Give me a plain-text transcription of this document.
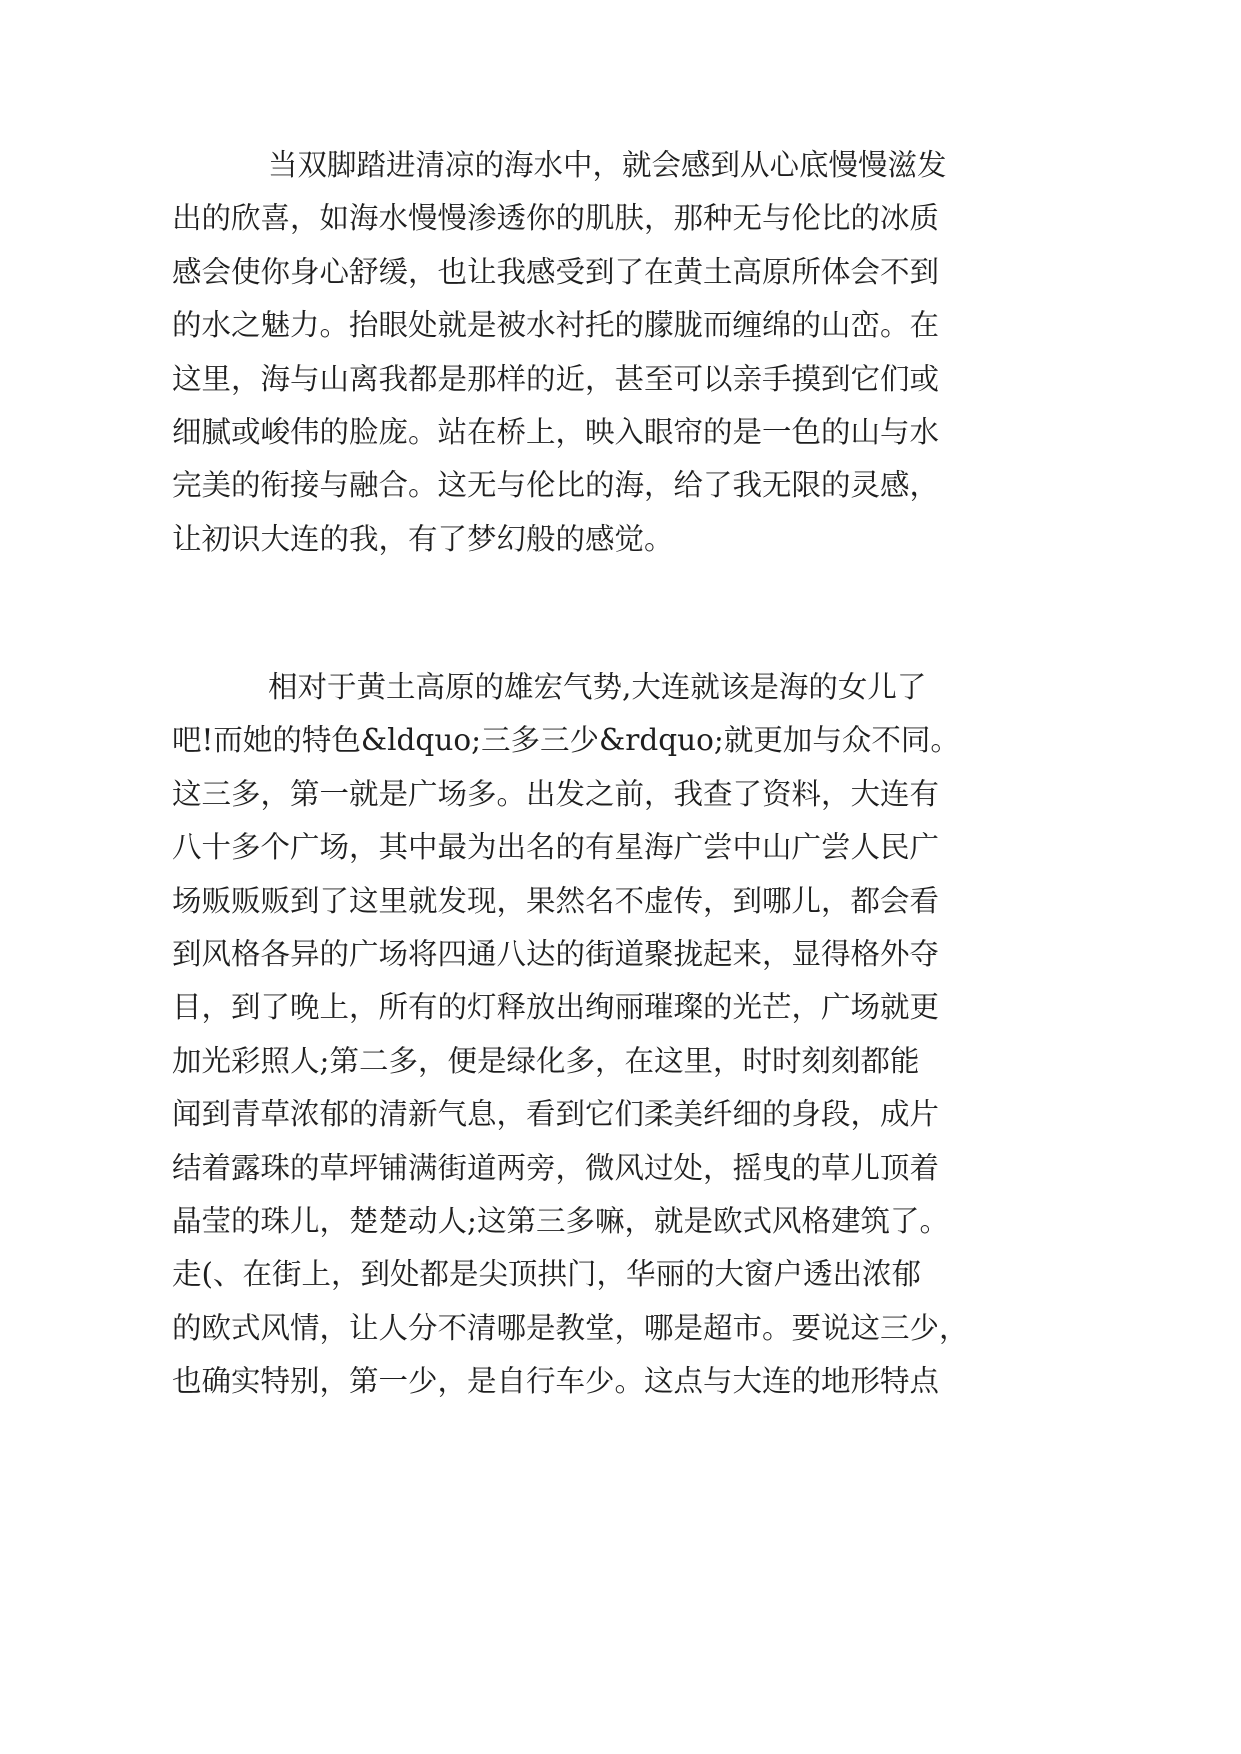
当双脚踏进清凉的海水中，就会感到从心底慢慢滋发
出的欣喜，如海水慢慢渗透你的肌肤，那种无与伦比的冰质
感会使你身心舒缓，也让我感受到了在黄土高原所体会不到
的水之魅力。抬眼处就是被水衬托的朦胧而缠绵的山峦。在
这里，海与山离我都是那样的近，甚至可以亲手摸到它们或
细腻或峻伟的脸庞。站在桥上，映入眼帘的是一色的山与水
完美的衔接与融合。这无与伦比的海，给了我无限的灵感，
让初识大连的我，有了梦幻般的感觉。
相对于黄土高原的雄宏气势,大连就该是海的女儿了
吧!而她的特色&ldquo;三多三少&rdquo;就更加与众不同。
这三多，第一就是广场多。出发之前，我查了资料，大连有
八十多个广场，其中最为出名的有星海广尝中山广尝人民广
场贩贩贩到了这里就发现，果然名不虚传，到哪儿，都会看
到风格各异的广场将四通八达的街道聚拢起来，显得格外夺
目，到了晚上，所有的灯释放出绚丽璀璨的光芒，广场就更
加光彩照人;第二多，便是绿化多，在这里，时时刻刻都能
闻到青草浓郁的清新气息，看到它们柔美纤细的身段，成片
结着露珠的草坪铺满街道两旁，微风过处，摇曳的草儿顶着
晶莹的珠儿，楚楚动人;这第三多嘛，就是欧式风格建筑了。
走(、在街上，到处都是尖顶拱门，华丽的大窗户透出浓郁
的欧式风情，让人分不清哪是教堂，哪是超市。要说这三少，
也确实特别，第一少，是自行车少。这点与大连的地形特点
